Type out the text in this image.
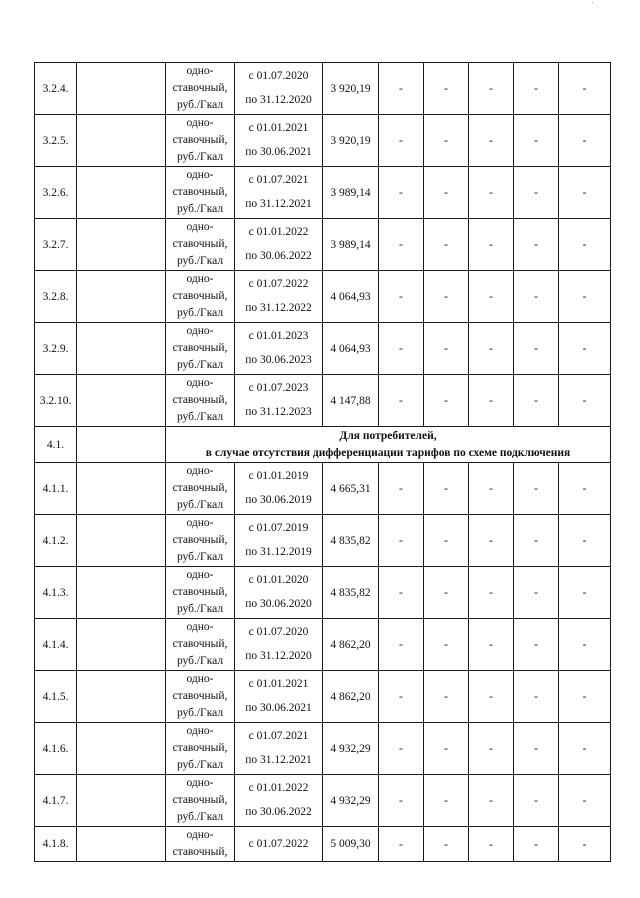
'
3.2.4.		одно-
ставочный,
руб./Гкал	с 01.07.2020
по 31.12.2020	3 920,19	-	-	-	-	-
3.2.5.		одно-
ставочный,
руб./Гкал	с 01.01.2021
по 30.06.2021	3 920,19	-	-	-	-	-
3.2.6.		одно-
ставочный,
руб./Гкал	с 01.07.2021
по 31.12.2021	3 989,14	-	-	-	-	-
3.2.7.		одно-
ставочный,
руб./Гкал	с 01.01.2022
по 30.06.2022	3 989,14	-	-	-	-	-
3.2.8.		одно-
ставочный,
руб./Гкал	с 01.07.2022
по 31.12.2022	4 064,93	-	-	-	-	-
3.2.9.		одно-
ставочный,
руб./Гкал	с 01.01.2023
по 30.06.2023	4 064,93	-	-	-	-	-
3.2.10.		одно-
ставочный,
руб./Гкал	с 01.07.2023
по 31.12.2023	4 147,88	-	-	-	-	-
4.1.		Для потребителей,
в случае отсутствия дифференциации тарифов по схеме подключения							

4.1.1.		одно-
ставочный,
руб./Гкал	с 01.01.2019
по 30.06.2019	4 665,31	-	-	-	-	-
4.1.2.		одно-
ставочный,
руб./Гкал	с 01.07.2019
по 31.12.2019	4 835,82	-	-	-	-	-
4.1.3.		одно-
ставочный,
руб./Гкал	с 01.01.2020
по 30.06.2020	4 835,82	-	-	-	-	-
4.1.4.		одно-
ставочный,
руб./Гкал	с 01.07.2020
по 31.12.2020	4 862,20	-	-	-	-	-
4.1.5.		одно-
ставочный,
руб./Гкал	с 01.01.2021
по 30.06.2021	4 862,20	-	-	-	-	-
4.1.6.		одно-
ставочный,
руб./Гкал	с 01.07.2021
по 31.12.2021	4 932,29	-	-	-	-	-
4.1.7.		одно-
ставочный,
руб./Гкал	с 01.01.2022
по 30.06.2022	4 932,29	-	-	-	-	-
4.1.8.		одно-
ставочный,	с 01.07.2022	5 009,30	-	-	-	-	-
